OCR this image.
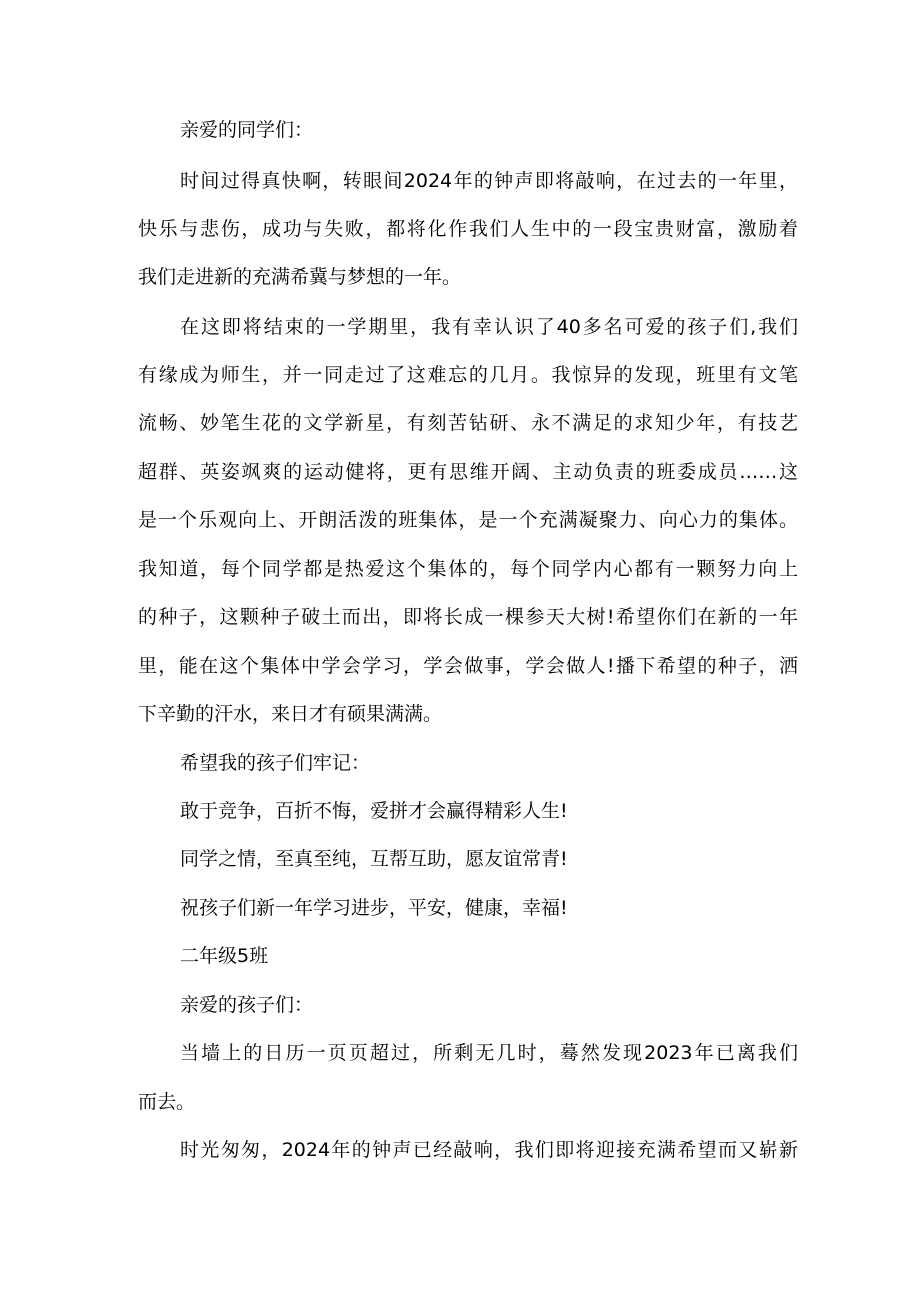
亲爱的同学们：
时间过得真快啊，转眼间2024年的钟声即将敲响，在过去的一年里，
快乐与悲伤，成功与失败，都将化作我们人生中的一段宝贵财富，激励着
我们走进新的充满希冀与梦想的一年。
在这即将结束的一学期里，我有幸认识了40多名可爱的孩子们,我们
有缘成为师生，并一同走过了这难忘的几月。我惊异的发现，班里有文笔
流畅、妙笔生花的文学新星，有刻苦钻研、永不满足的求知少年，有技艺
超群、英姿飒爽的运动健将，更有思维开阔、主动负责的班委成员……这
是一个乐观向上、开朗活泼的班集体，是一个充满凝聚力、向心力的集体。
我知道，每个同学都是热爱这个集体的，每个同学内心都有一颗努力向上
的种子，这颗种子破土而出，即将长成一棵参天大树!希望你们在新的一年
里，能在这个集体中学会学习，学会做事，学会做人!播下希望的种子，洒
下辛勤的汗水，来日才有硕果满满。
希望我的孩子们牢记：
敢于竞争，百折不悔，爱拼才会赢得精彩人生!
同学之情，至真至纯，互帮互助，愿友谊常青!
祝孩子们新一年学习进步，平安，健康，幸福!
二年级5班
亲爱的孩子们：
当墙上的日历一页页超过，所剩无几时，蓦然发现2023年已离我们
而去。
时光匆匆，2024年的钟声已经敲响，我们即将迎接充满希望而又崭新
